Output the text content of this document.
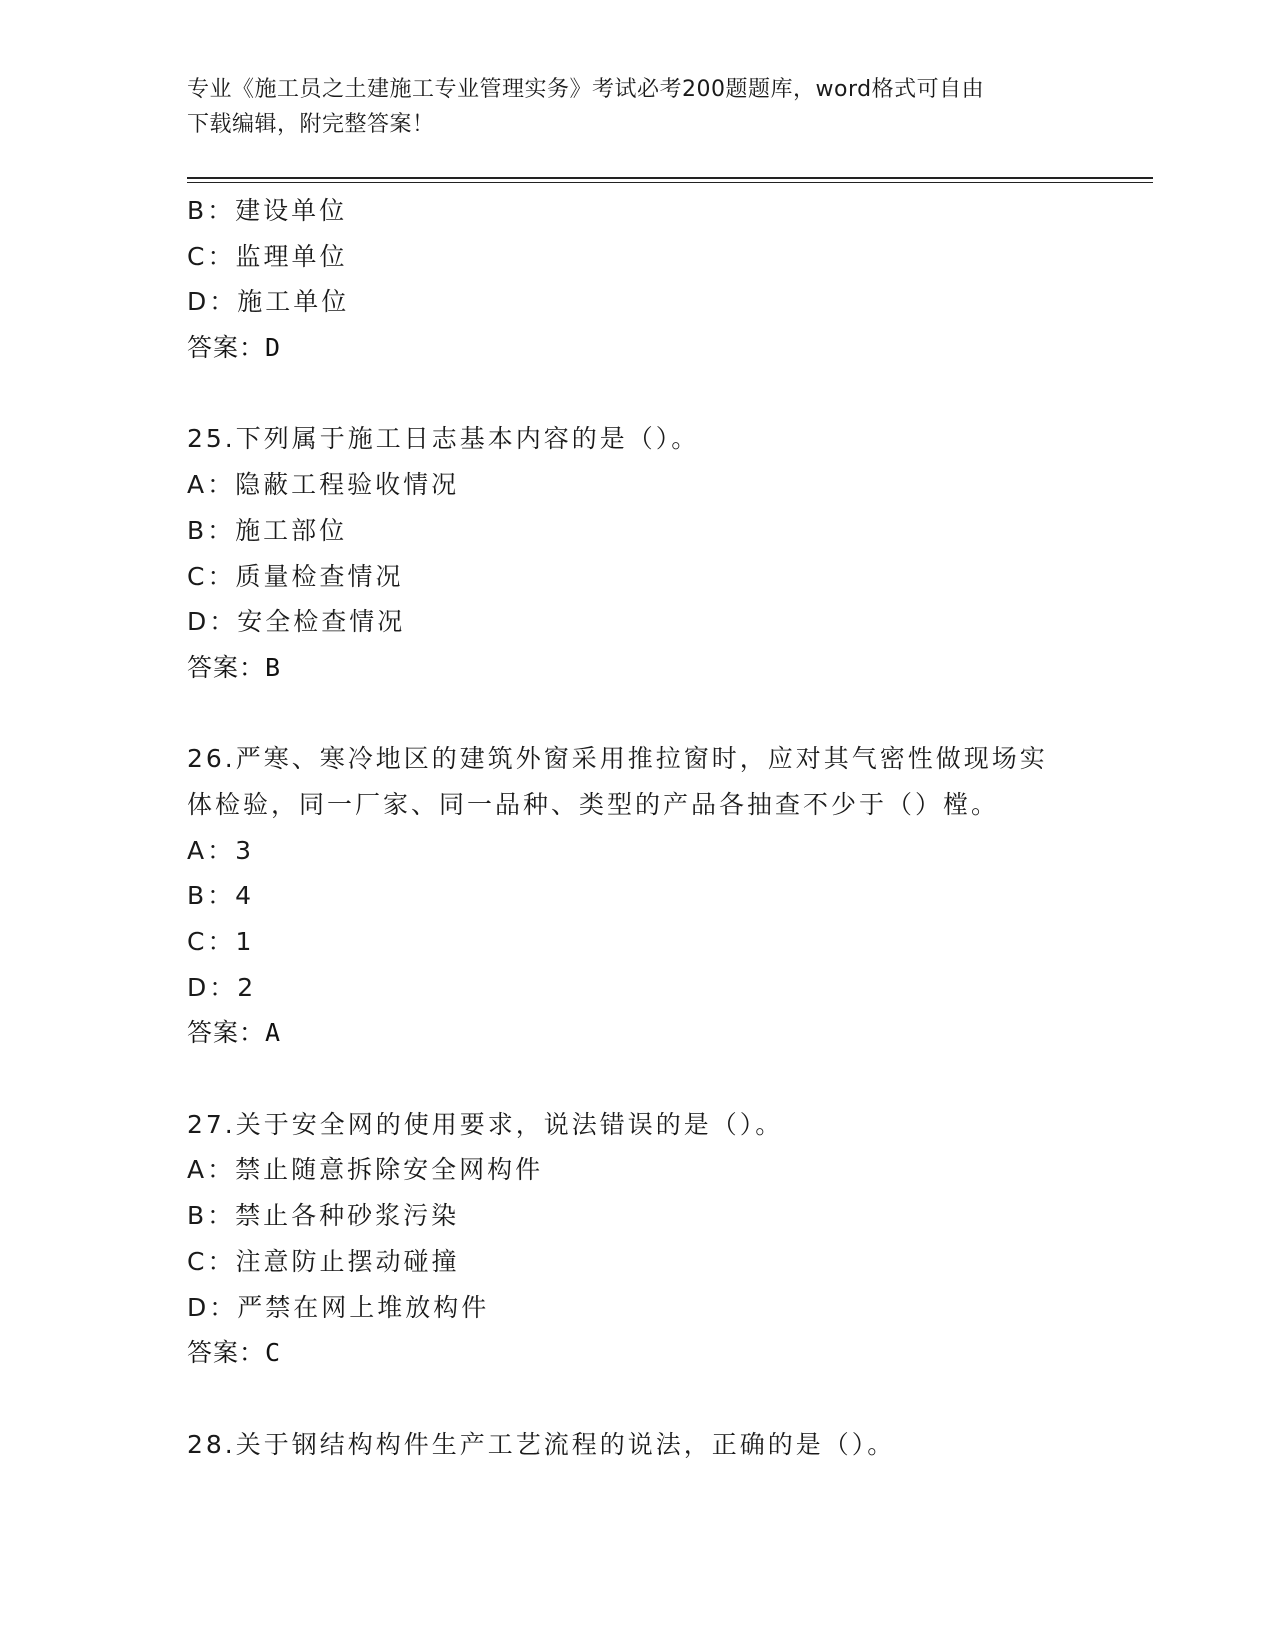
专业《施工员之土建施工专业管理实务》考试必考200题题库，word格式可自由
下载编辑，附完整答案！
B：建设单位
C：监理单位
D：施工单位
答案：D
25.下列属于施工日志基本内容的是（）。
A：隐蔽工程验收情况
B：施工部位
C：质量检查情况
D：安全检查情况
答案：B
26.严寒、寒冷地区的建筑外窗采用推拉窗时，应对其气密性做现场实
体检验，同一厂家、同一品种、类型的产品各抽查不少于（）樘。
A：3
B：4
C：1
D：2
答案：A
27.关于安全网的使用要求，说法错误的是（）。
A：禁止随意拆除安全网构件
B：禁止各种砂浆污染
C：注意防止摆动碰撞
D：严禁在网上堆放构件
答案：C
28.关于钢结构构件生产工艺流程的说法，正确的是（）。
